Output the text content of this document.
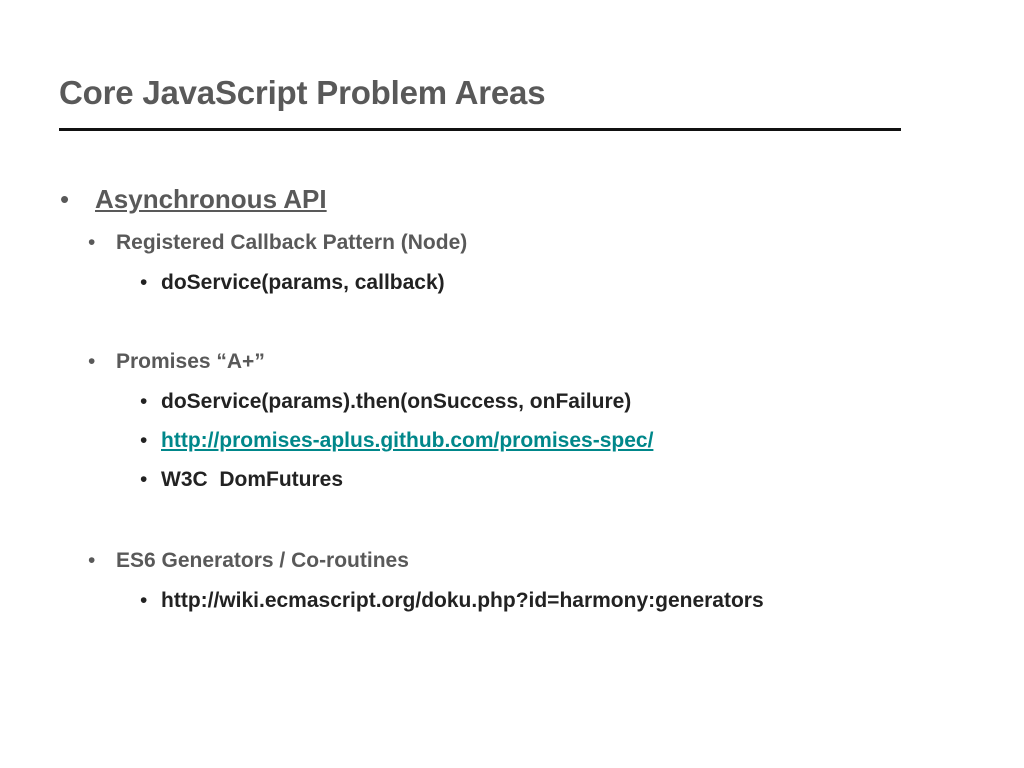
Core JavaScript Problem Areas
• Asynchronous API
• Registered Callback Pattern (Node)
• doService(params, callback)
• Promises “A+”
• doService(params).then(onSuccess, onFailure)
• http://promises-aplus.github.com/promises-spec/
• W3C  DomFutures
• ES6 Generators / Co-routines
• http://wiki.ecmascript.org/doku.php?id=harmony:generators
